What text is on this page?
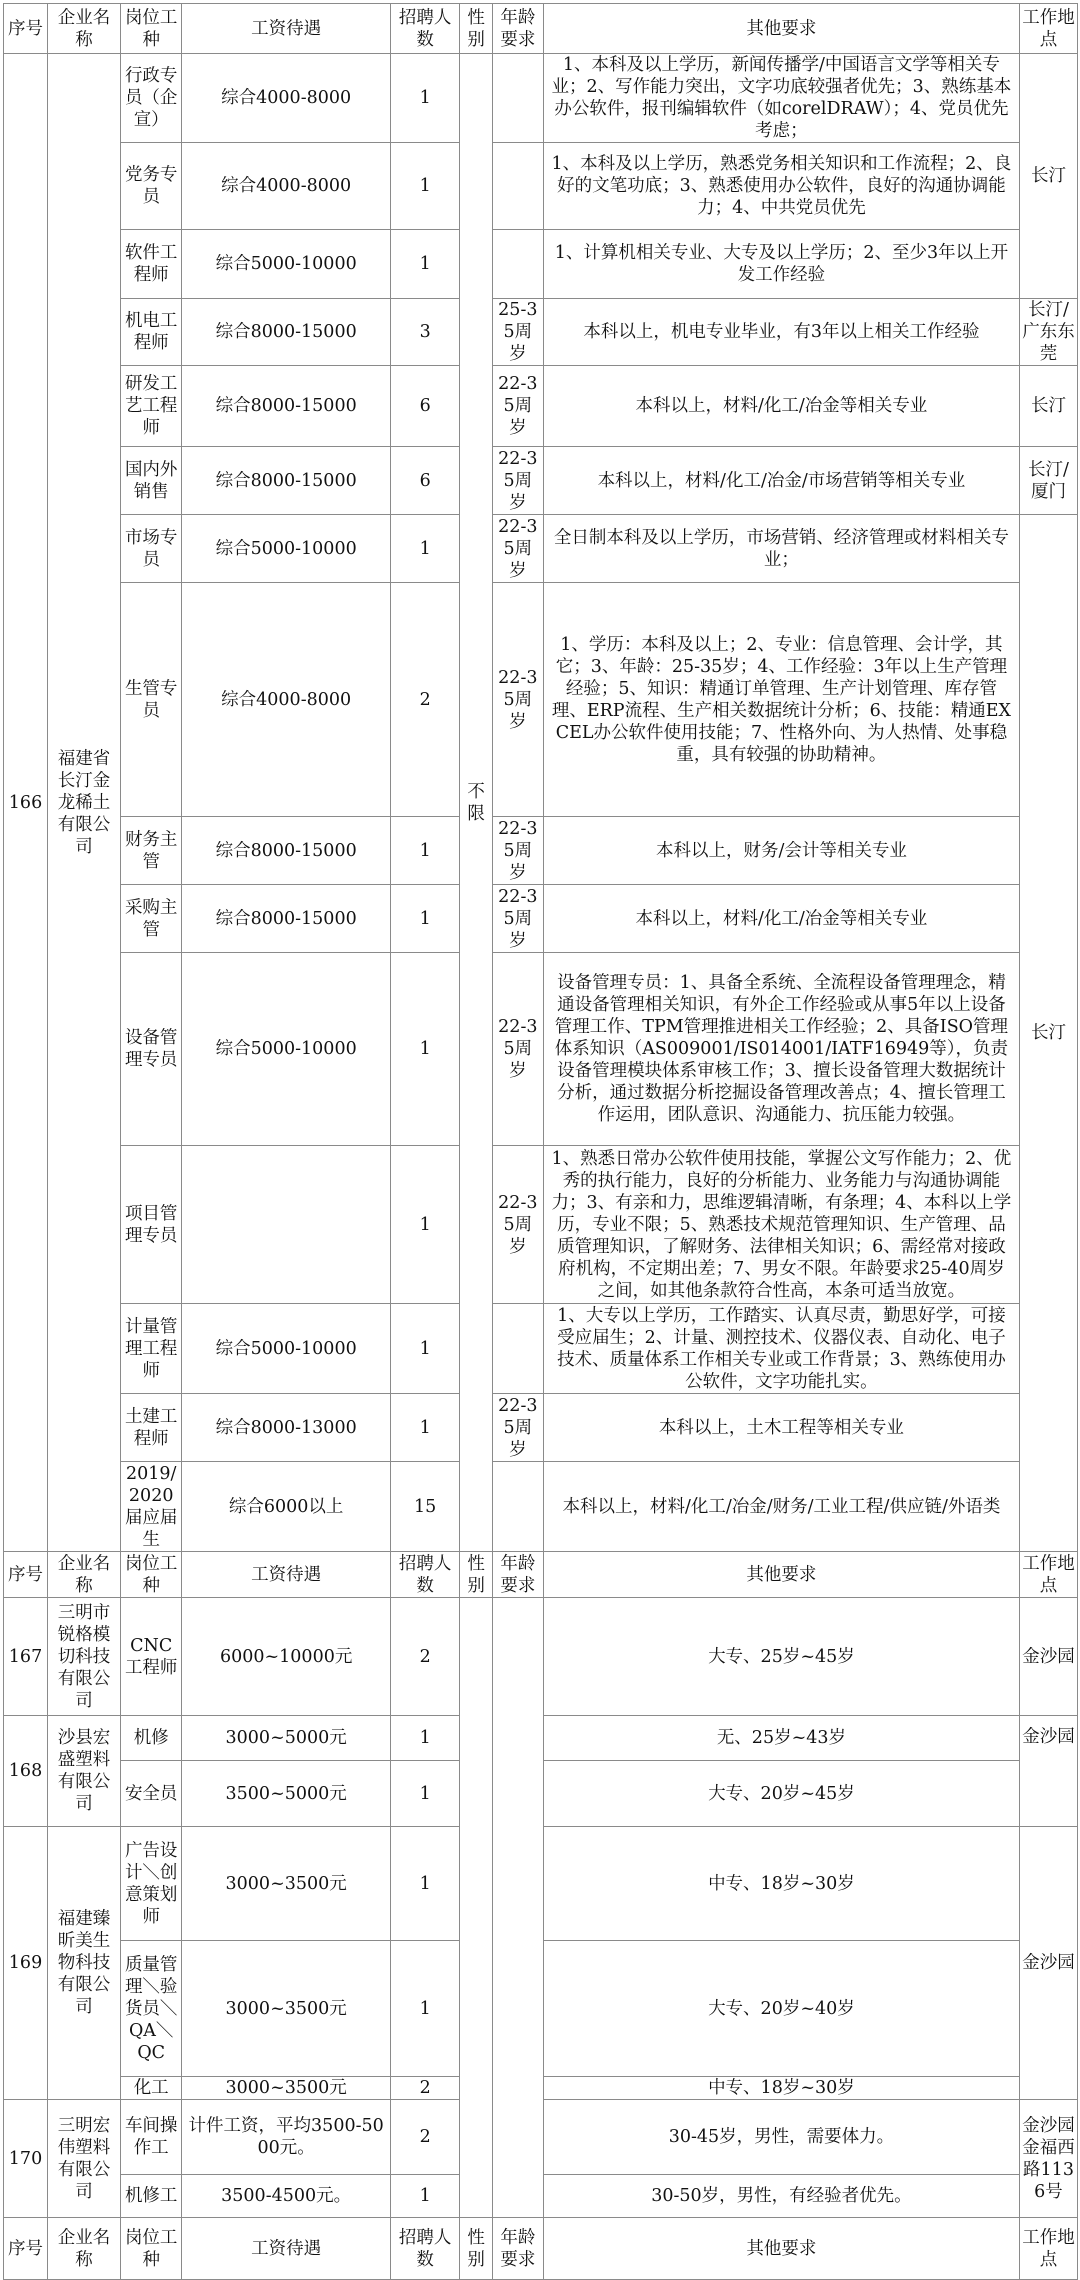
序号	企业名称	岗位工种	工资待遇	招聘人数	性别	年龄要求	其他要求	工作地点
166	福建省长汀金龙稀土有限公司	行政专员（企宣）	综合4000-8000	1	不限		1、本科及以上学历，新闻传播学/中国语言文学等相关专业；2、写作能力突出，文字功底较强者优先；3、熟练基本办公软件，报刊编辑软件（如corelDRAW）；4、党员优先考虑；	长汀
		党务专员	综合4000-8000	1			1、本科及以上学历，熟悉党务相关知识和工作流程；2、良好的文笔功底；3、熟悉使用办公软件，良好的沟通协调能力；4、中共党员优先	
		软件工程师	综合5000-10000	1			1、计算机相关专业、大专及以上学历；2、至少3年以上开发工作经验	
		机电工程师	综合8000-15000	3		25-35周岁	本科以上，机电专业毕业，有3年以上相关工作经验	长汀/广东东莞
		研发工艺工程师	综合8000-15000	6		22-35周岁	本科以上，材料/化工/冶金等相关专业	长汀
		国内外销售	综合8000-15000	6		22-35周岁	本科以上，材料/化工/冶金/市场营销等相关专业	长汀/厦门
		市场专员	综合5000-10000	1		22-35周岁	全日制本科及以上学历，市场营销、经济管理或材料相关专业；	长汀
		生管专员	综合4000-8000	2		22-35周岁	1、学历：本科及以上；2、专业：信息管理、会计学，其它；3、年龄：25-35岁；4、工作经验：3年以上生产管理经验；5、知识：精通订单管理、生产计划管理、库存管理、ERP流程、生产相关数据统计分析；6、技能：精通EXCEL办公软件使用技能；7、性格外向、为人热情、处事稳重，具有较强的协助精神。	
		财务主管	综合8000-15000	1		22-35周岁	本科以上，财务/会计等相关专业	
		采购主管	综合8000-15000	1		22-35周岁	本科以上，材料/化工/冶金等相关专业	
		设备管理专员	综合5000-10000	1		22-35周岁	设备管理专员：1、具备全系统、全流程设备管理理念，精通设备管理相关知识，有外企工作经验或从事5年以上设备管理工作、TPM管理推进相关工作经验；2、具备ISO管理体系知识（AS009001/IS014001/IATF16949等），负责设备管理模块体系审核工作；3、擅长设备管理大数据统计分析，通过数据分析挖掘设备管理改善点；4、擅长管理工作运用，团队意识、沟通能力、抗压能力较强。	
		项目管理专员		1		22-35周岁	1、熟悉日常办公软件使用技能，掌握公文写作能力；2、优秀的执行能力，良好的分析能力、业务能力与沟通协调能力；3、有亲和力，思维逻辑清晰，有条理；4、本科以上学历，专业不限；5、熟悉技术规范管理知识、生产管理、品质管理知识，了解财务、法律相关知识；6、需经常对接政府机构，不定期出差；7、男女不限。年龄要求25-40周岁之间，如其他条款符合性高，本条可适当放宽。	
		计量管理工程师	综合5000-10000	1			1、大专以上学历，工作踏实、认真尽责，勤思好学，可接受应届生；2、计量、测控技术、仪器仪表、自动化、电子技术、质量体系工作相关专业或工作背景；3、熟练使用办公软件，文字功能扎实。	
		土建工程师	综合8000-13000	1		22-35周岁	本科以上，土木工程等相关专业	
		2019/2020届应届生	综合6000以上	15			本科以上，材料/化工/冶金/财务/工业工程/供应链/外语类	
序号	企业名称	岗位工种	工资待遇	招聘人数	性别	年龄要求	其他要求	工作地点
167	三明市锐格模切科技有限公司	CNC工程师	6000~10000元	2			大专、25岁~45岁	金沙园
168	沙县宏盛塑料有限公司	机修	3000~5000元	1			无、25岁~43岁	金沙园
		安全员	3500~5000元	1			大专、20岁~45岁	
169	福建臻昕美生物科技有限公司	广告设计＼创意策划师	3000~3500元	1			中专、18岁~30岁	金沙园
		质量管理＼验货员＼QA＼QC	3000~3500元	1			大专、20岁~40岁	
		化工	3000~3500元	2			中专、18岁~30岁	
170	三明宏伟塑料有限公司	车间操作工	计件工资，平均3500-5000元。	2			30-45岁，男性，需要体力。	金沙园金福西路1136号
		机修工	3500-4500元。	1			30-50岁，男性，有经验者优先。	
序号	企业名称	岗位工种	工资待遇	招聘人数	性别	年龄要求	其他要求	工作地点
